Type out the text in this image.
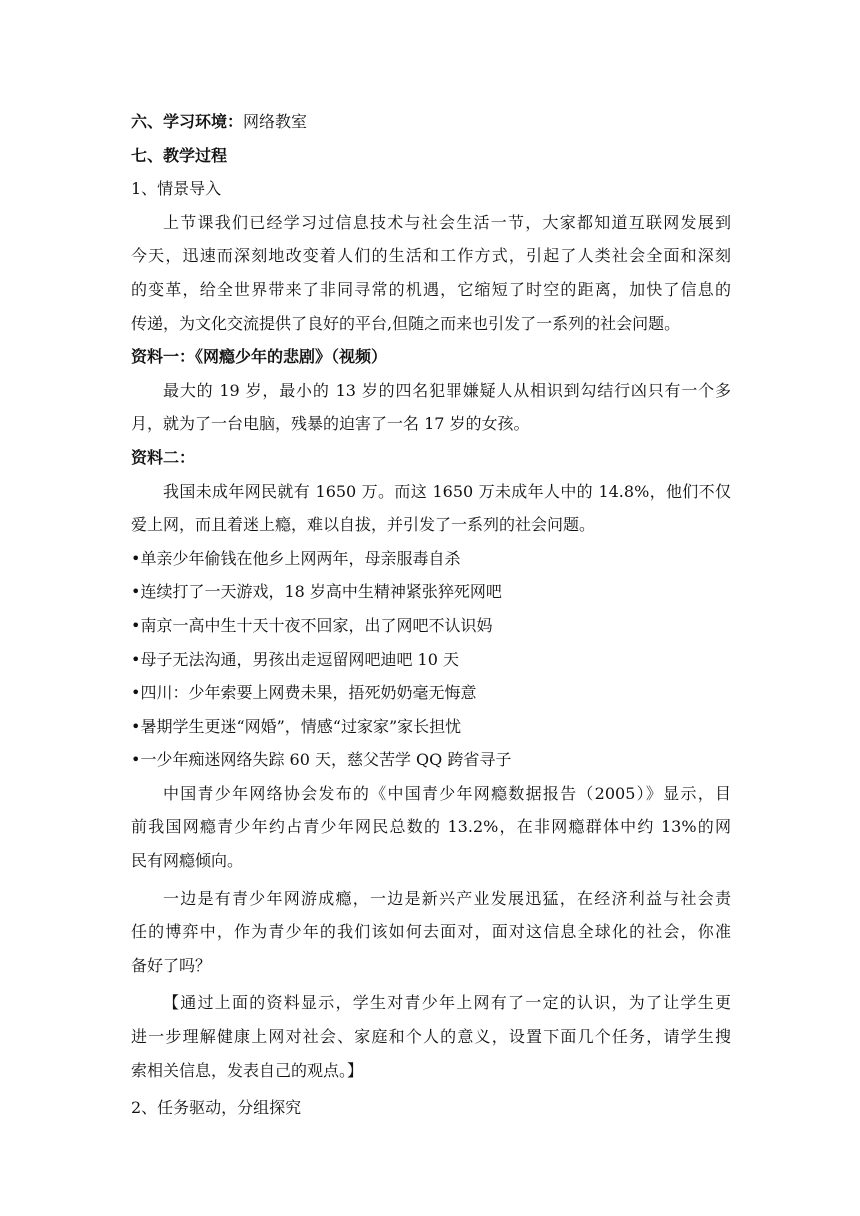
六、学习环境：网络教室
七、教学过程
1、情景导入
上节课我们已经学习过信息技术与社会生活一节，大家都知道互联网发展到
今天，迅速而深刻地改变着人们的生活和工作方式，引起了人类社会全面和深刻
的变革，给全世界带来了非同寻常的机遇，它缩短了时空的距离，加快了信息的
传递，为文化交流提供了良好的平台,但随之而来也引发了一系列的社会问题。
资料一：《网瘾少年的悲剧》（视频）
最大的 19 岁，最小的 13 岁的四名犯罪嫌疑人从相识到勾结行凶只有一个多
月，就为了一台电脑，残暴的迫害了一名 17 岁的女孩。
资料二：
我国未成年网民就有 1650 万。而这 1650 万未成年人中的 14.8%，他们不仅
爱上网，而且着迷上瘾，难以自拔，并引发了一系列的社会问题。
•单亲少年偷钱在他乡上网两年，母亲服毒自杀
•连续打了一天游戏，18 岁高中生精神紧张猝死网吧
•南京一高中生十天十夜不回家，出了网吧不认识妈
•母子无法沟通，男孩出走逗留网吧迪吧 10 天
•四川：少年索要上网费未果，捂死奶奶毫无悔意
•暑期学生更迷“网婚”，情感“过家家”家长担忧
•一少年痴迷网络失踪 60 天，慈父苦学 QQ 跨省寻子
中国青少年网络协会发布的《中国青少年网瘾数据报告（2005）》显示，目
前我国网瘾青少年约占青少年网民总数的 13.2%，在非网瘾群体中约 13%的网
民有网瘾倾向。
一边是有青少年网游成瘾，一边是新兴产业发展迅猛，在经济利益与社会责
任的博弈中，作为青少年的我们该如何去面对，面对这信息全球化的社会，你准
备好了吗？
【通过上面的资料显示，学生对青少年上网有了一定的认识，为了让学生更
进一步理解健康上网对社会、家庭和个人的意义，设置下面几个任务，请学生搜
索相关信息，发表自己的观点。】
2、任务驱动，分组探究
